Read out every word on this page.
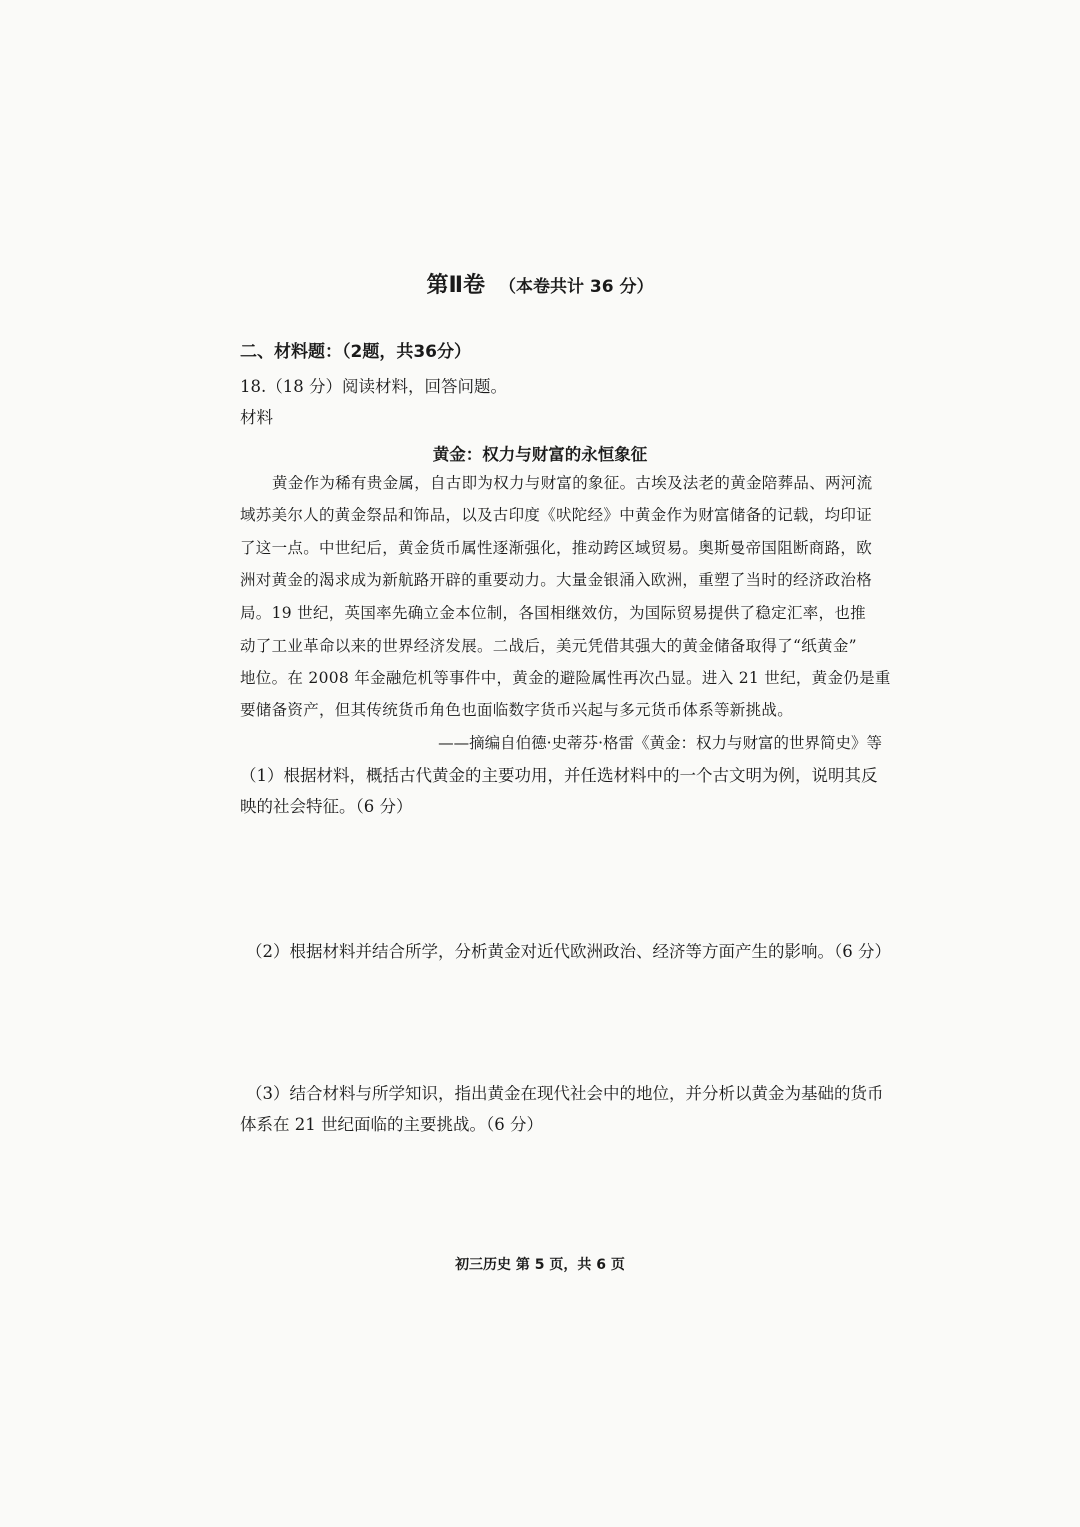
第Ⅱ卷 （本卷共计 36 分）
二、材料题：（2题，共36分）
18.（18 分）阅读材料，回答问题。
材料
黄金：权力与财富的永恒象征
黄金作为稀有贵金属，自古即为权力与财富的象征。古埃及法老的黄金陪葬品、两河流
域苏美尔人的黄金祭品和饰品，以及古印度《吠陀经》中黄金作为财富储备的记载，均印证
了这一点。中世纪后，黄金货币属性逐渐强化，推动跨区域贸易。奥斯曼帝国阻断商路，欧
洲对黄金的渴求成为新航路开辟的重要动力。大量金银涌入欧洲，重塑了当时的经济政治格
局。19 世纪，英国率先确立金本位制，各国相继效仿，为国际贸易提供了稳定汇率，也推
动了工业革命以来的世界经济发展。二战后，美元凭借其强大的黄金储备取得了“纸黄金”
地位。在 2008 年金融危机等事件中，黄金的避险属性再次凸显。进入 21 世纪，黄金仍是重
要储备资产，但其传统货币角色也面临数字货币兴起与多元货币体系等新挑战。
——摘编自伯德·史蒂芬·格雷《黄金：权力与财富的世界简史》等
（1）根据材料，概括古代黄金的主要功用，并任选材料中的一个古文明为例，说明其反
映的社会特征。（6 分）
（2）根据材料并结合所学，分析黄金对近代欧洲政治、经济等方面产生的影响。（6 分）
（3）结合材料与所学知识，指出黄金在现代社会中的地位，并分析以黄金为基础的货币
体系在 21 世纪面临的主要挑战。（6 分）
初三历史 第 5 页，共 6 页
